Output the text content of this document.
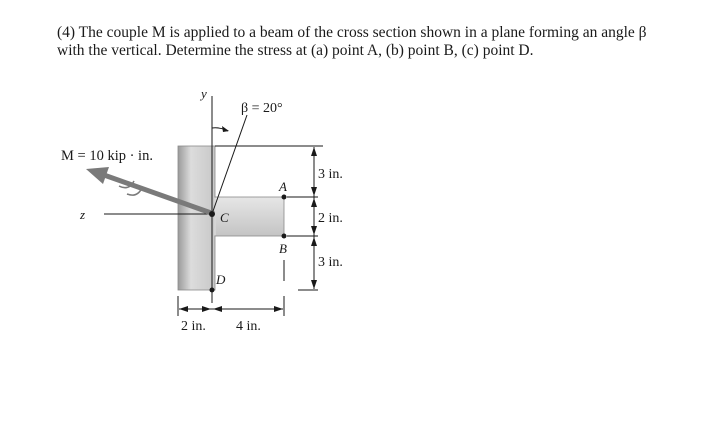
(4) The couple M is applied to a beam of the cross section shown in a plane forming an angle β
with the vertical. Determine the stress at (a) point A, (b) point B, (c) point D.
y
z
β = 20°
M = 10 kip · in.
C
A
B
D
3 in.
2 in.
3 in.
2 in. 4 in.
